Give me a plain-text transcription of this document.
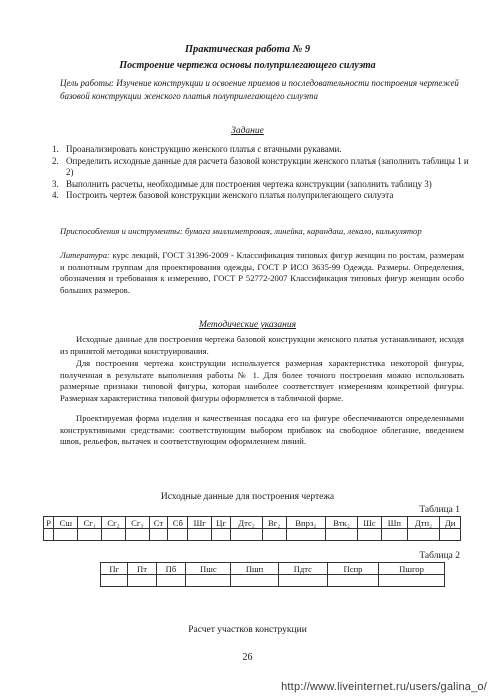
Практическая работа № 9
Построение чертежа основы полуприлегающего силуэта
Цель работы: Изучение конструкции и освоение приемов и последовательности построения чертежей базовой конструкции женского платья полуприлегающего силуэта
Задание
1. Проанализировать конструкцию женского платья с втачными рукавами.
2. Определить исходные данные для расчета базовой конструкции женского платья (заполнить таблицы 1 и 2)
3. Выполнить расчеты, необходимые для построения чертежа конструкции (заполнить таблицу 3)
4. Построить чертеж базовой конструкции женского платья полуприлегающего силуэта
Приспособления и инструменты: бумага миллиметровая, линейка, карандаш, лекало, калькулятор
Литература: курс лекций, ГОСТ 31396-2009 - Классификация типовых фигур женщин по ростам, размерам и полнотным группам для проектирования одежды, ГОСТ Р ИСО 3635-99 Одежда. Размеры. Определения, обозначения и требования к измерению, ГОСТ Р 52772-2007 Классификация типовых фигур женщин особо больших размеров.
Методические указания
Исходные данные для построения чертежа базовой конструкции женского платья устанавливают, исходя из принятой методики конструирования.
Для построения чертежа конструкции используется размерная характеристика некоторой фигуры, полученная в результате выполнения работы № 1. Для более точного построения можно использовать размерные признаки типовой фигуры, которая наиболее соответствует измерениям конкретной фигуры. Размерная характеристика типовой фигуры оформляется в табличной форме.
Проектируемая форма изделия и качественная посадка его на фигуре обеспечиваются определенными конструктивными средствами: соответствующим выбором прибавок на свободное облегание, введением швов, рельефов, вытачек и соответствующим оформлением линий.
Исходные данные для построения чертежа
Таблица 1
Р	Сш	Сг₁	Сг₂	Сг₃	Ст	Сб	Шг	Цг	Дтс₂	Вг₂	Впрз₂	Втк₂	Шс	Шп	Дтп₂	Ди

Таблица 2
Пг	Пт	Пб	Пшс	Пшп	Пдтс	Пспр	Пшгор

Расчет участков конструкции
26
http://www.liveinternet.ru/users/galina_o/
